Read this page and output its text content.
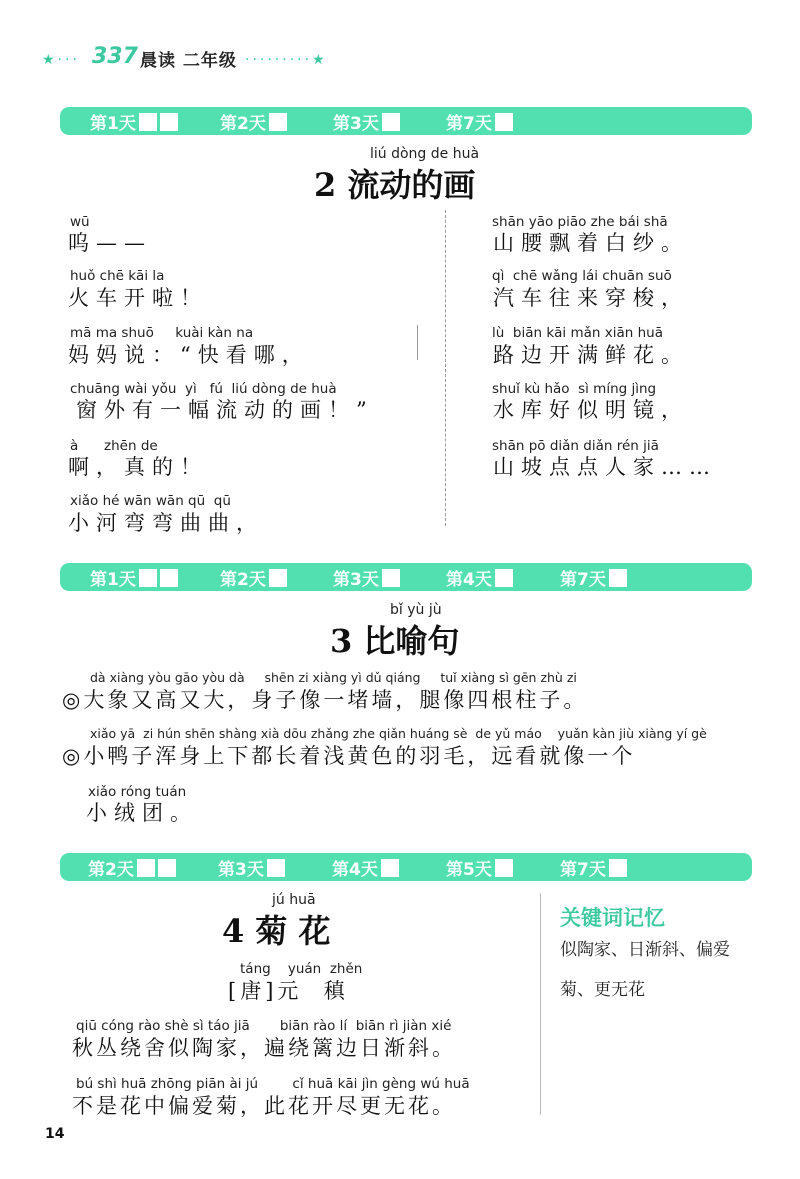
★··· 337 晨读 二年级 ·········★
第1天	第2天	第3天	第7天
liú dòng de huà
2 流动的画
wū
呜——
huǒ chē kāi la
火车开啦！
mā ma shuō     kuài kàn na
妈妈说：“快看哪，
chuāng wài yǒu  yì   fú  liú dòng de huà
窗外有一幅流动的画！”
à      zhēn de
啊，真的！
xiǎo hé wān wān qū  qū
小河弯弯曲曲，
shān yāo piāo zhe bái shā
山腰飘着白纱。
qì  chē wǎng lái chuān suō
汽车往来穿梭，
lù  biān kāi mǎn xiān huā
路边开满鲜花。
shuǐ kù hǎo  sì míng jìng
水库好似明镜，
shān pō diǎn diǎn rén jiā
山坡点点人家……
第1天	第2天	第3天	第4天	第7天
bǐ yù jù
3 比喻句
dà xiàng yòu gāo yòu dà     shēn zi xiàng yì dǔ qiáng     tuǐ xiàng sì gēn zhù zi
◎大象又高又大，身子像一堵墙，腿像四根柱子。
xiǎo yā  zi hún shēn shàng xià dōu zhǎng zhe qiǎn huáng sè  de yǔ máo    yuǎn kàn jiù xiàng yí gè
◎小鸭子浑身上下都长着浅黄色的羽毛，远看就像一个
xiǎo róng tuán
小绒团。
第2天	第3天	第4天	第5天	第7天
jú huā
4 菊 花
táng    yuán  zhěn
[唐]元  稹
qiū cóng rào shè sì táo jiā       biān rào lí  biān rì jiàn xié
秋丛绕舍似陶家，遍绕篱边日渐斜。
bú shì huā zhōng piān ài jú        cǐ huā kāi jìn gèng wú huā
不是花中偏爱菊，此花开尽更无花。
关键词记忆
似陶家、日渐斜、偏爱
菊、更无花
14
